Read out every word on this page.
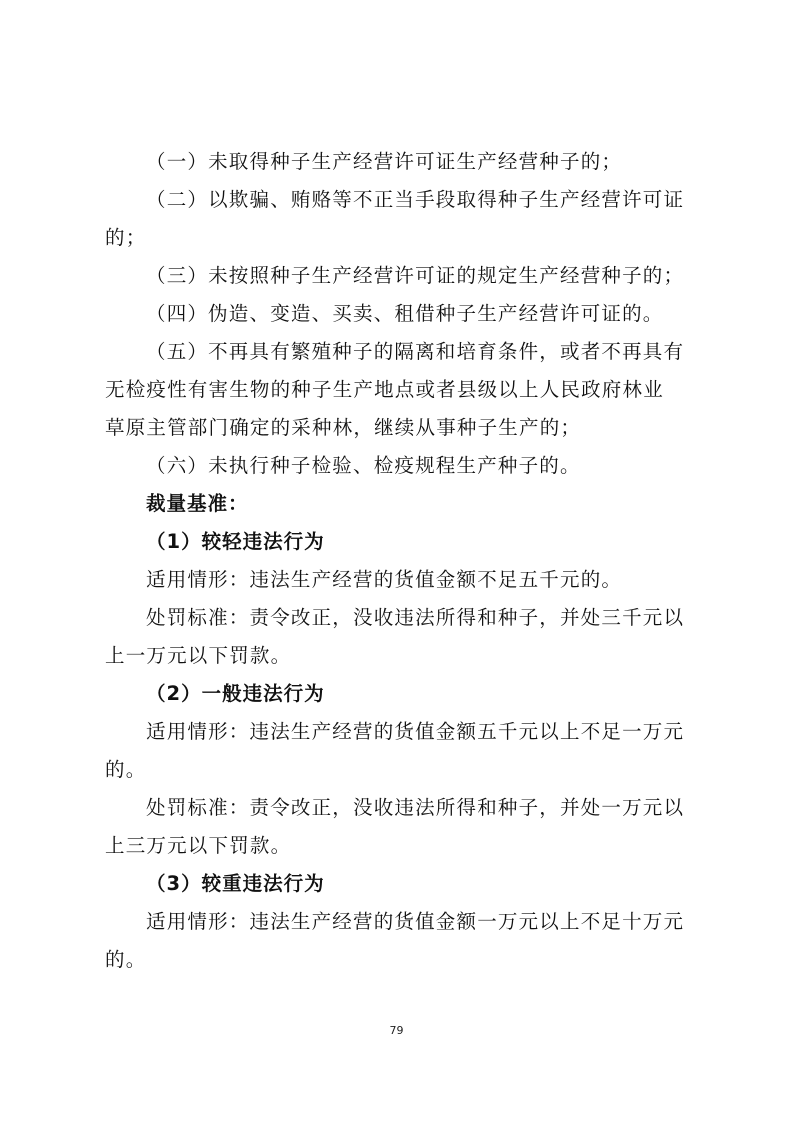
（一）未取得种子生产经营许可证生产经营种子的；
（二）以欺骗、贿赂等不正当手段取得种子生产经营许可证
的；
（三）未按照种子生产经营许可证的规定生产经营种子的；
（四）伪造、变造、买卖、租借种子生产经营许可证的。
（五）不再具有繁殖种子的隔离和培育条件，或者不再具有
无检疫性有害生物的种子生产地点或者县级以上人民政府林业
草原主管部门确定的采种林，继续从事种子生产的；
（六）未执行种子检验、检疫规程生产种子的。
裁量基准：
（1）较轻违法行为
适用情形：违法生产经营的货值金额不足五千元的。
处罚标准：责令改正，没收违法所得和种子，并处三千元以
上一万元以下罚款。
（2）一般违法行为
适用情形：违法生产经营的货值金额五千元以上不足一万元
的。
处罚标准：责令改正，没收违法所得和种子，并处一万元以
上三万元以下罚款。
（3）较重违法行为
适用情形：违法生产经营的货值金额一万元以上不足十万元
的。
79
